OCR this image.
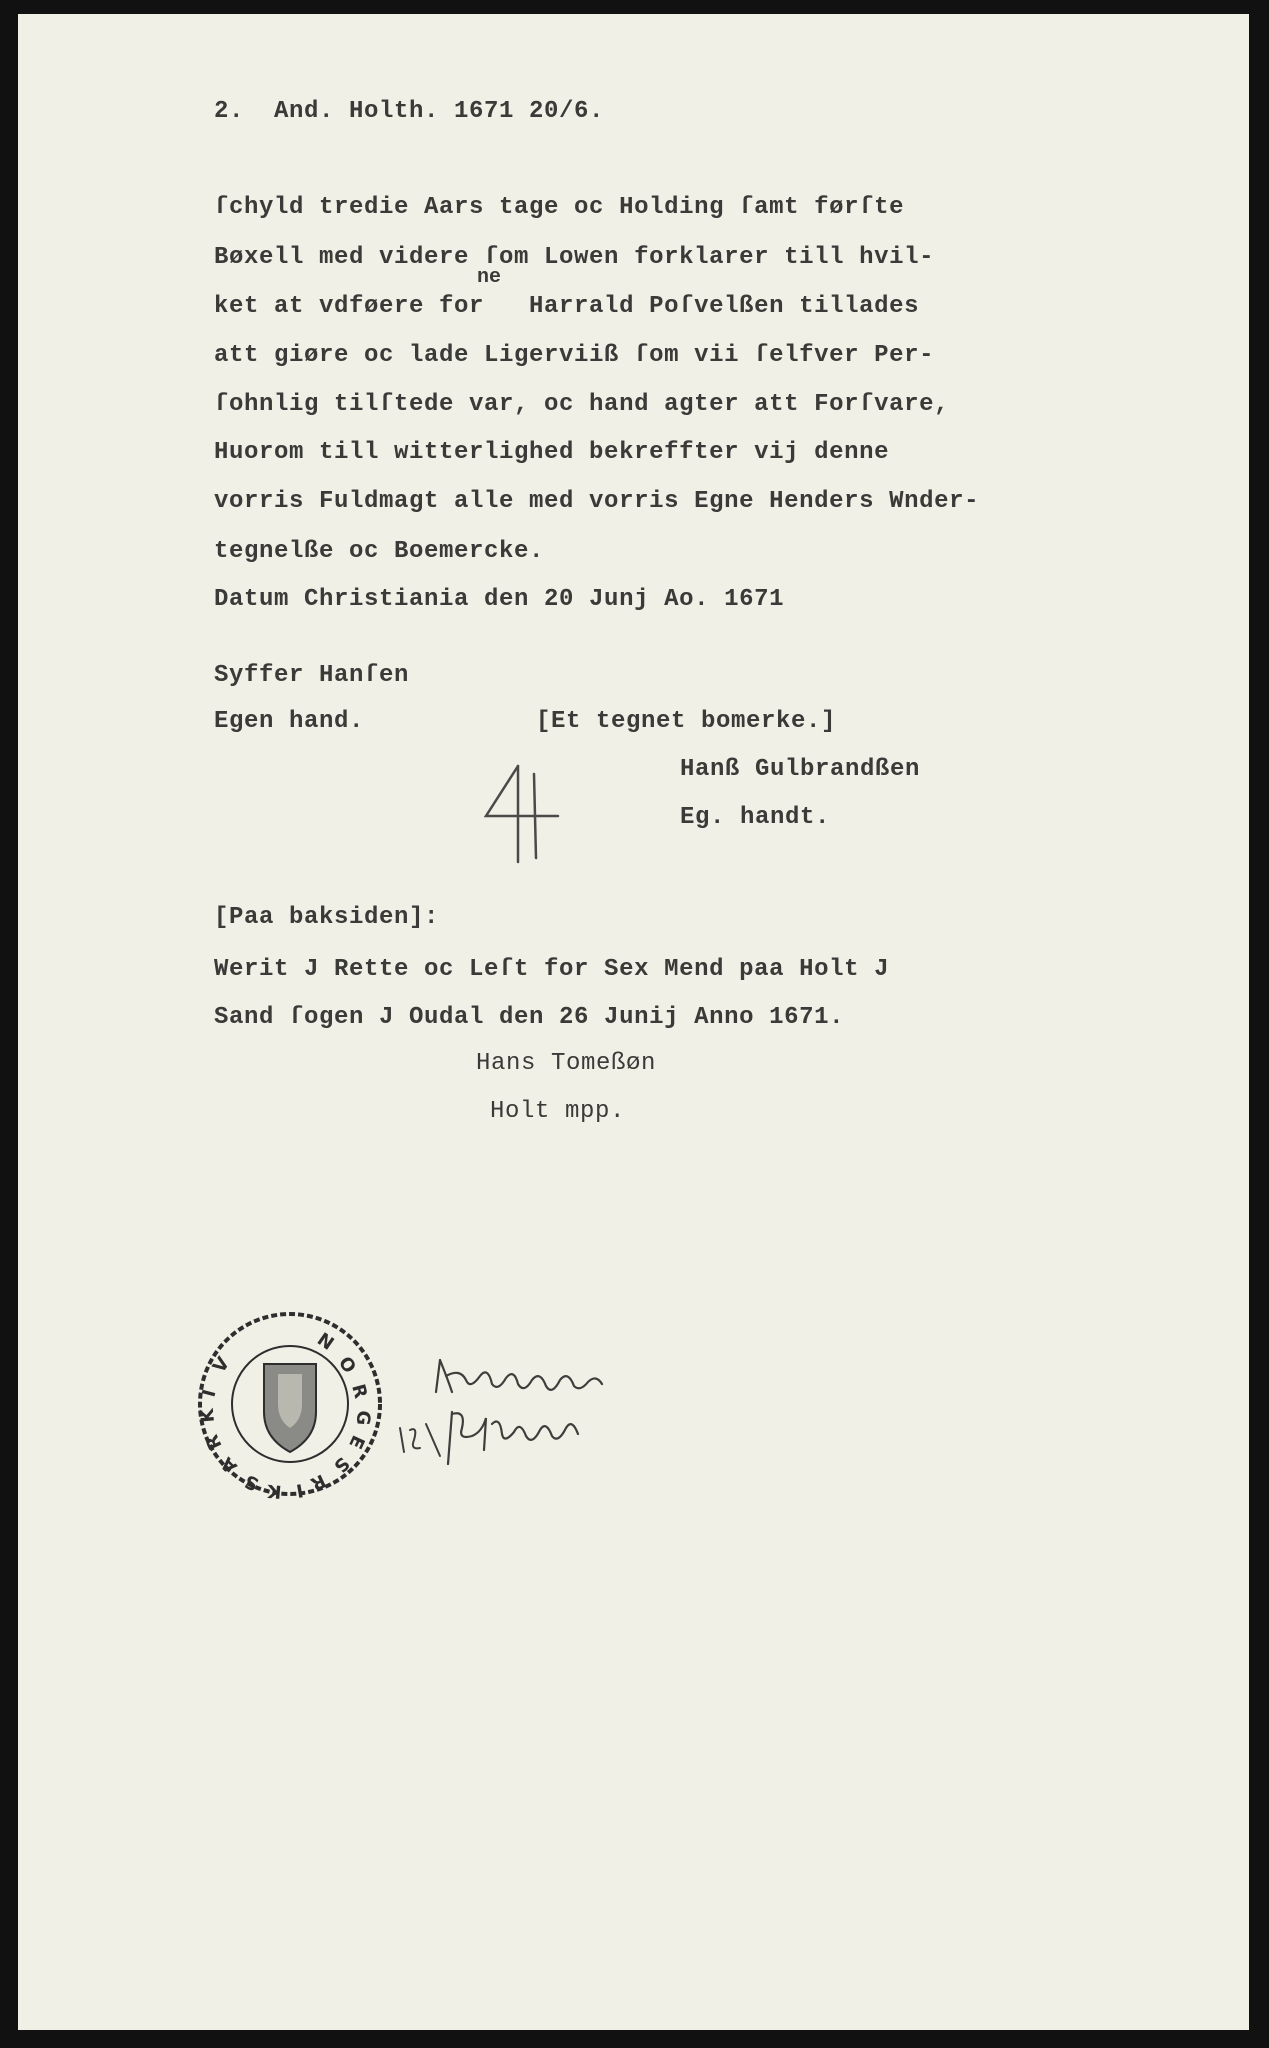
2.  And. Holth. 1671 20/6.
ſchyld tredie Aars tage oc Holding ſamt førſte
Bøxell med videre ſom Lowen forklarer till hvil-
ne
ket at vdføere for   Harrald Poſvelßen tillades
att giøre oc lade Ligerviiß ſom vii ſelfver Per-
ſohnlig tilſtede var, oc hand agter att Forſvare,
Huorom till witterlighed bekreffter vij denne
vorris Fuldmagt alle med vorris Egne Henders Wnder-
tegnelße oc Boemercke.
Datum Christiania den 20 Junj Ao. 1671
Syffer Hanſen
Egen hand.	[Et tegnet bomerke.]
Hanß Gulbrandßen
Eg. handt.
[Paa baksiden]:
Werit J Rette oc Leſt for Sex Mend paa Holt J
Sand ſogen J Oudal den 26 Junij Anno 1671.
Hans Tomeßøn
Holt mpp.
N
O
R
G
E
S
R
I
K
S
A
R
K
I
V
